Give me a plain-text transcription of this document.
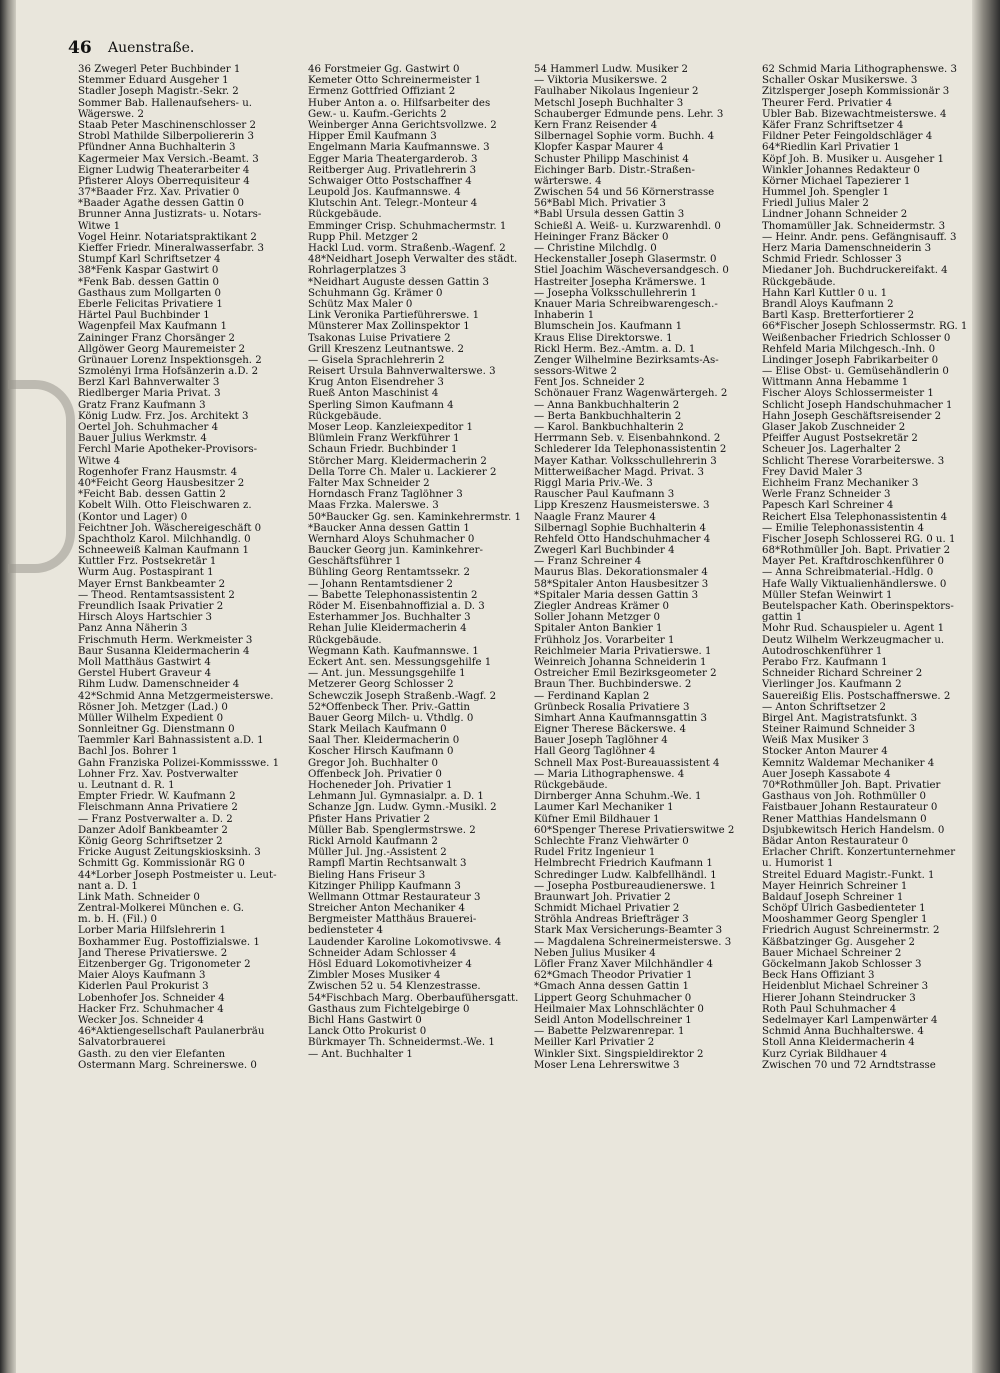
46 Auenstraße.
36 Zwegerl Peter Buchbinder 1
Stemmer Eduard Ausgeher 1
Stadler Joseph Magistr.-Sekr. 2
Sommer Bab. Hallenaufsehers- u.
Wägerswe. 2
Staab Peter Maschinenschlosser 2
Strobl Mathilde Silberpoliererin 3
Pfündner Anna Buchhalterin 3
Kagermeier Max Versich.-Beamt. 3
Eigner Ludwig Theaterarbeiter 4
Pfisterer Aloys Oberrequisiteur 4
37*Baader Frz. Xav. Privatier 0
*Baader Agathe dessen Gattin 0
Brunner Anna Justizrats- u. Notars-
Witwe 1
Vogel Heinr. Notariatspraktikant 2
Kieffer Friedr. Mineralwasserfabr. 3
Stumpf Karl Schriftsetzer 4
38*Fenk Kaspar Gastwirt 0
*Fenk Bab. dessen Gattin 0
Gasthaus zum Mollgarten 0
Eberle Felicitas Privatiere 1
Härtel Paul Buchbinder 1
Wagenpfeil Max Kaufmann 1
Zaininger Franz Chorsänger 2
Allgöwer Georg Mauremeister 2
Grünauer Lorenz Inspektionsgeh. 2
Szmolényi Irma Hofsänzerin a.D. 2
Berzl Karl Bahnverwalter 3
Riedlberger Maria Privat. 3
Gratz Franz Kaufmann 3
König Ludw. Frz. Jos. Architekt 3
Oertel Joh. Schuhmacher 4
Bauer Julius Werkmstr. 4
Ferchl Marie Apotheker-Provisors-
Witwe 4
Rogenhofer Franz Hausmstr. 4
40*Feicht Georg Hausbesitzer 2
*Feicht Bab. dessen Gattin 2
Kobelt Wilh. Otto Fleischwaren z.
(Kontor und Lager) 0
Feichtner Joh. Wäschereigeschäft 0
Spachtholz Karol. Milchhandlg. 0
Schneeweiß Kalman Kaufmann 1
Kuttler Frz. Postsekretär 1
Wurm Aug. Postaspirant 1
Mayer Ernst Bankbeamter 2
— Theod. Rentamtsassistent 2
Freundlich Isaak Privatier 2
Hirsch Aloys Hartschier 3
Panz Anna Näherin 3
Frischmuth Herm. Werkmeister 3
Baur Susanna Kleidermacherin 4
Moll Matthäus Gastwirt 4
Gerstel Hubert Graveur 4
Rihm Ludw. Damenschneider 4
42*Schmid Anna Metzgermeisterswe.
Rösner Joh. Metzger (Lad.) 0
Müller Wilhelm Expedient 0
Sonnleitner Gg. Dienstmann 0
Taemmler Karl Bahnassistent a.D. 1
Bachl Jos. Bohrer 1
Gahn Franziska Polizei-Kommissswe. 1
Lohner Frz. Xav. Postverwalter
u. Leutnant d. R. 1
Empter Friedr. W. Kaufmann 2
Fleischmann Anna Privatiere 2
— Franz Postverwalter a. D. 2
Danzer Adolf Bankbeamter 2
König Georg Schriftsetzer 2
Fricke August Zeitungskiosksinh. 3
Schmitt Gg. Kommissionär RG 0
44*Lorber Joseph Postmeister u. Leut-
nant a. D. 1
Link Math. Schneider 0
Zentral-Molkerei München e. G.
m. b. H. (Fil.) 0
Lorber Maria Hilfslehrerin 1
Boxhammer Eug. Postoffizialswe. 1
Jand Therese Privatierswe. 2
Eitzenberger Gg. Trigonometer 2
Maier Aloys Kaufmann 3
Kiderlen Paul Prokurist 3
Lobenhofer Jos. Schneider 4
Hacker Frz. Schuhmacher 4
Wecker Jos. Schneider 4
46*Aktiengesellschaft Paulanerbräu
Salvatorbrauerei
Gasth. zu den vier Elefanten
Ostermann Marg. Schreinerswe. 0
46 Forstmeier Gg. Gastwirt 0
Kemeter Otto Schreinermeister 1
Ermenz Gottfried Offiziant 2
Huber Anton a. o. Hilfsarbeiter des
Gew.- u. Kaufm.-Gerichts 2
Weinberger Anna Gerichtsvollzwe. 2
Hipper Emil Kaufmann 3
Engelmann Maria Kaufmannswe. 3
Egger Maria Theatergarderob. 3
Reitberger Aug. Privatlehrerin 3
Schwaiger Otto Postschaffner 4
Leupold Jos. Kaufmannswe. 4
Klutschin Ant. Telegr.-Monteur 4
Rückgebäude.
Emminger Crisp. Schuhmachermstr. 1
Rupp Phil. Metzger 2
Hackl Lud. vorm. Straßenb.-Wagenf. 2
48*Neidhart Joseph Verwalter des städt.
Rohrlagerplatzes 3
*Neidhart Auguste dessen Gattin 3
Schuhmann Gg. Krämer 0
Schütz Max Maler 0
Link Veronika Partieführerswe. 1
Münsterer Max Zollinspektor 1
Tsakonas Luise Privatiere 2
Grill Kreszenz Leutnantswe. 2
— Gisela Sprachlehrerin 2
Reisert Ursula Bahnverwalterswe. 3
Krug Anton Eisendreher 3
Rueß Anton Maschinist 4
Sperling Simon Kaufmann 4
Rückgebäude.
Moser Leop. Kanzleiexpeditor 1
Blümlein Franz Werkführer 1
Schaun Friedr. Buchbinder 1
Störcher Marg. Kleidermacherin 2
Della Torre Ch. Maler u. Lackierer 2
Falter Max Schneider 2
Horndasch Franz Taglöhner 3
Maas Frzka. Malerswe. 3
50*Baucker Gg. sen. Kaminkehrermstr. 1
*Baucker Anna dessen Gattin 1
Wernhard Aloys Schuhmacher 0
Baucker Georg jun. Kaminkehrer-
Geschäftsführer 1
Bühling Georg Rentamtssekr. 2
— Johann Rentamtsdiener 2
— Babette Telephonassistentin 2
Röder M. Eisenbahnoffizial a. D. 3
Esterhammer Jos. Buchhalter 3
Rehan Julie Kleidermacherin 4
Rückgebäude.
Wegmann Kath. Kaufmannswe. 1
Eckert Ant. sen. Messungsgehilfe 1
— Ant. jun. Messungsgehilfe 1
Metzerer Georg Schlosser 2
Schewczik Joseph Straßenb.-Wagf. 2
52*Offenbeck Ther. Priv.-Gattin
Bauer Georg Milch- u. Vthdlg. 0
Stark Meilach Kaufmann 0
Saal Ther. Kleidermacherin 0
Koscher Hirsch Kaufmann 0
Gregor Joh. Buchhalter 0
Offenbeck Joh. Privatier 0
Hocheneder Joh. Privatier 1
Lehmann Jul. Gymnasialpr. a. D. 1
Schanze Jgn. Ludw. Gymn.-Musikl. 2
Pfister Hans Privatier 2
Müller Bab. Spenglermstrswe. 2
Rickl Arnold Kaufmann 2
Müller Jul. Jng.-Assistent 2
Rampfl Martin Rechtsanwalt 3
Bieling Hans Friseur 3
Kitzinger Philipp Kaufmann 3
Wellmann Ottmar Restaurateur 3
Streicher Anton Mechaniker 4
Bergmeister Matthäus Brauerei-
bediensteter 4
Laudender Karoline Lokomotivswe. 4
Schneider Adam Schlosser 4
Hösl Eduard Lokomotivheizer 4
Zimbler Moses Musiker 4
Zwischen 52 u. 54 Klenzestrasse.
54*Fischbach Marg. Oberbaufühersgatt.
Gasthaus zum Fichtelgebirge 0
Bichl Hans Gastwirt 0
Lanck Otto Prokurist 0
Bürkmayer Th. Schneidermst.-We. 1
— Ant. Buchhalter 1
54 Hammerl Ludw. Musiker 2
— Viktoria Musikerswe. 2
Faulhaber Nikolaus Ingenieur 2
Metschl Joseph Buchhalter 3
Schauberger Edmunde pens. Lehr. 3
Kern Franz Reisender 4
Silbernagel Sophie vorm. Buchh. 4
Klopfer Kaspar Maurer 4
Schuster Philipp Maschinist 4
Eichinger Barb. Distr.-Straßen-
wärterswe. 4
Zwischen 54 und 56 Körnerstrasse
56*Babl Mich. Privatier 3
*Babl Ursula dessen Gattin 3
Schießl A. Weiß- u. Kurzwarenhdl. 0
Heininger Franz Bäcker 0
— Christine Milchdlg. 0
Heckenstaller Joseph Glasermstr. 0
Stiel Joachim Wäscheversandgesch. 0
Hastreiter Josepha Krämerswe. 1
— Josepha Volksschullehrerin 1
Knauer Maria Schreibwarengesch.-
Inhaberin 1
Blumschein Jos. Kaufmann 1
Kraus Elise Direktorswe. 1
Rickl Herm. Bez.-Amtm. a. D. 1
Zenger Wilhelmine Bezirksamts-As-
sessors-Witwe 2
Fent Jos. Schneider 2
Schönauer Franz Wagenwärtergeh. 2
— Anna Bankbuchhalterin 2
— Berta Bankbuchhalterin 2
— Karol. Bankbuchhalterin 2
Herrmann Seb. v. Eisenbahnkond. 2
Schlederer Ida Telephonassistentin 2
Mayer Kathar. Volksschullehrerin 3
Mitterweißacher Magd. Privat. 3
Riggl Maria Priv.-We. 3
Rauscher Paul Kaufmann 3
Lipp Kreszenz Hausmeisterswe. 3
Naagle Franz Maurer 4
Silbernagl Sophie Buchhalterin 4
Rehfeld Otto Handschuhmacher 4
Zwegerl Karl Buchbinder 4
— Franz Schreiner 4
Maurus Blas. Dekorationsmaler 4
58*Spitaler Anton Hausbesitzer 3
*Spitaler Maria dessen Gattin 3
Ziegler Andreas Krämer 0
Soller Johann Metzger 0
Spitaler Anton Bankier 1
Frühholz Jos. Vorarbeiter 1
Reichlmeier Maria Privatierswe. 1
Weinreich Johanna Schneiderin 1
Östreicher Emil Bezirksgeometer 2
Braun Ther. Buchbinderswe. 2
— Ferdinand Kaplan 2
Grünbeck Rosalia Privatiere 3
Simhart Anna Kaufmannsgattin 3
Eigner Therese Bäckerswe. 4
Bauer Joseph Taglöhner 4
Hall Georg Taglöhner 4
Schnell Max Post-Bureauassistent 4
— Maria Lithographenswe. 4
Rückgebäude.
Dirnberger Anna Schuhm.-We. 1
Laumer Karl Mechaniker 1
Küfner Emil Bildhauer 1
60*Spenger Therese Privatierswitwe 2
Schlechte Franz Viehwärter 0
Rudel Fritz Ingenieur 1
Helmbrecht Friedrich Kaufmann 1
Schredinger Ludw. Kalbfellhändl. 1
— Josepha Postbureaudienerswe. 1
Braunwart Joh. Privatier 2
Schmidt Michael Privatier 2
Ströhla Andreas Briefträger 3
Stark Max Versicherungs-Beamter 3
— Magdalena Schreinermeisterswe. 3
Neben Julius Musiker 4
Löfler Franz Xaver Milchhändler 4
62*Gmach Theodor Privatier 1
*Gmach Anna dessen Gattin 1
Lippert Georg Schuhmacher 0
Heilmaier Max Lohnschlächter 0
Seidl Anton Modellschreiner 1
— Babette Pelzwarenrepar. 1
Meiller Karl Privatier 2
Winkler Sixt. Singspieldirektor 2
Moser Lena Lehrerswitwe 3
62 Schmid Maria Lithographenswe. 3
Schaller Oskar Musikerswe. 3
Zitzlsperger Joseph Kommissionär 3
Theurer Ferd. Privatier 4
Übler Bab. Bizewachtmeisterswe. 4
Käfer Franz Schriftsetzer 4
Fildner Peter Feingoldschläger 4
64*Riedlin Karl Privatier 1
Köpf Joh. B. Musiker u. Ausgeher 1
Winkler Johannes Redakteur 0
Körner Michael Tapezierer 1
Hummel Joh. Spengler 1
Friedl Julius Maler 2
Lindner Johann Schneider 2
Thomamüller Jak. Schneidermstr. 3
— Heinr. Andr. pens. Gefängnisauff. 3
Herz Maria Damenschneiderin 3
Schmid Friedr. Schlosser 3
Miedaner Joh. Buchdruckereifakt. 4
Rückgebäude.
Hahn Karl Kuttler 0 u. 1
Brandl Aloys Kaufmann 2
Bartl Kasp. Bretterfortierer 2
66*Fischer Joseph Schlossermstr. RG. 1
Weißenbacher Friedrich Schlosser 0
Rehfeld Maria Milchgesch.-Inh. 0
Lindinger Joseph Fabrikarbeiter 0
— Elise Obst- u. Gemüsehändlerin 0
Wittmann Anna Hebamme 1
Fischer Aloys Schlossermeister 1
Schlicht Joseph Handschuhmacher 1
Hahn Joseph Geschäftsreisender 2
Glaser Jakob Zuschneider 2
Pfeiffer August Postsekretär 2
Scheuer Jos. Lagerhalter 2
Schlicht Therese Vorarbeiterswe. 3
Frey David Maler 3
Eichheim Franz Mechaniker 3
Werle Franz Schneider 3
Papesch Karl Schreiner 4
Reichert Elsa Telephonassistentin 4
— Emilie Telephonassistentin 4
Fischer Joseph Schlosserei RG. 0 u. 1
68*Rothmüller Joh. Bapt. Privatier 2
Mayer Pet. Kraftdroschkenführer 0
— Anna Schreibmaterial.-Hdlg. 0
Hafe Wally Viktualienhändlerswe. 0
Müller Stefan Weinwirt 1
Beutelspacher Kath. Oberinspektors-
gattin 1
Mohr Rud. Schauspieler u. Agent 1
Deutz Wilhelm Werkzeugmacher u.
Autodroschkenführer 1
Perabo Frz. Kaufmann 1
Schneider Richard Schreiner 2
Vierlinger Jos. Kaufmann 2
Sauereißig Elis. Postschaffnerswe. 2
— Anton Schriftsetzer 2
Birgel Ant. Magistratsfunkt. 3
Steiner Raimund Schneider 3
Weiß Max Musiker 3
Stocker Anton Maurer 4
Kemnitz Waldemar Mechaniker 4
Auer Joseph Kassabote 4
70*Rothmüller Joh. Bapt. Privatier
Gasthaus von Joh. Rothmüller 0
Faistbauer Johann Restaurateur 0
Rener Matthias Handelsmann 0
Dsjubkewitsch Herich Handelsm. 0
Bädar Anton Restaurateur 0
Erlacher Chrift. Konzertunternehmer
u. Humorist 1
Streitel Eduard Magistr.-Funkt. 1
Mayer Heinrich Schreiner 1
Baldauf Joseph Schreiner 1
Schöpf Ulrich Gasbedienteter 1
Mooshammer Georg Spengler 1
Friedrich August Schreinermstr. 2
Käßbatzinger Gg. Ausgeher 2
Bauer Michael Schreiner 2
Göckelmann Jakob Schlosser 3
Beck Hans Offiziant 3
Heidenblut Michael Schreiner 3
Hierer Johann Steindrucker 3
Roth Paul Schuhmacher 4
Sedelmayer Karl Lampenwärter 4
Schmid Anna Buchhalterswe. 4
Stoll Anna Kleidermacherin 4
Kurz Cyriak Bildhauer 4
Zwischen 70 und 72 Arndtstrasse
